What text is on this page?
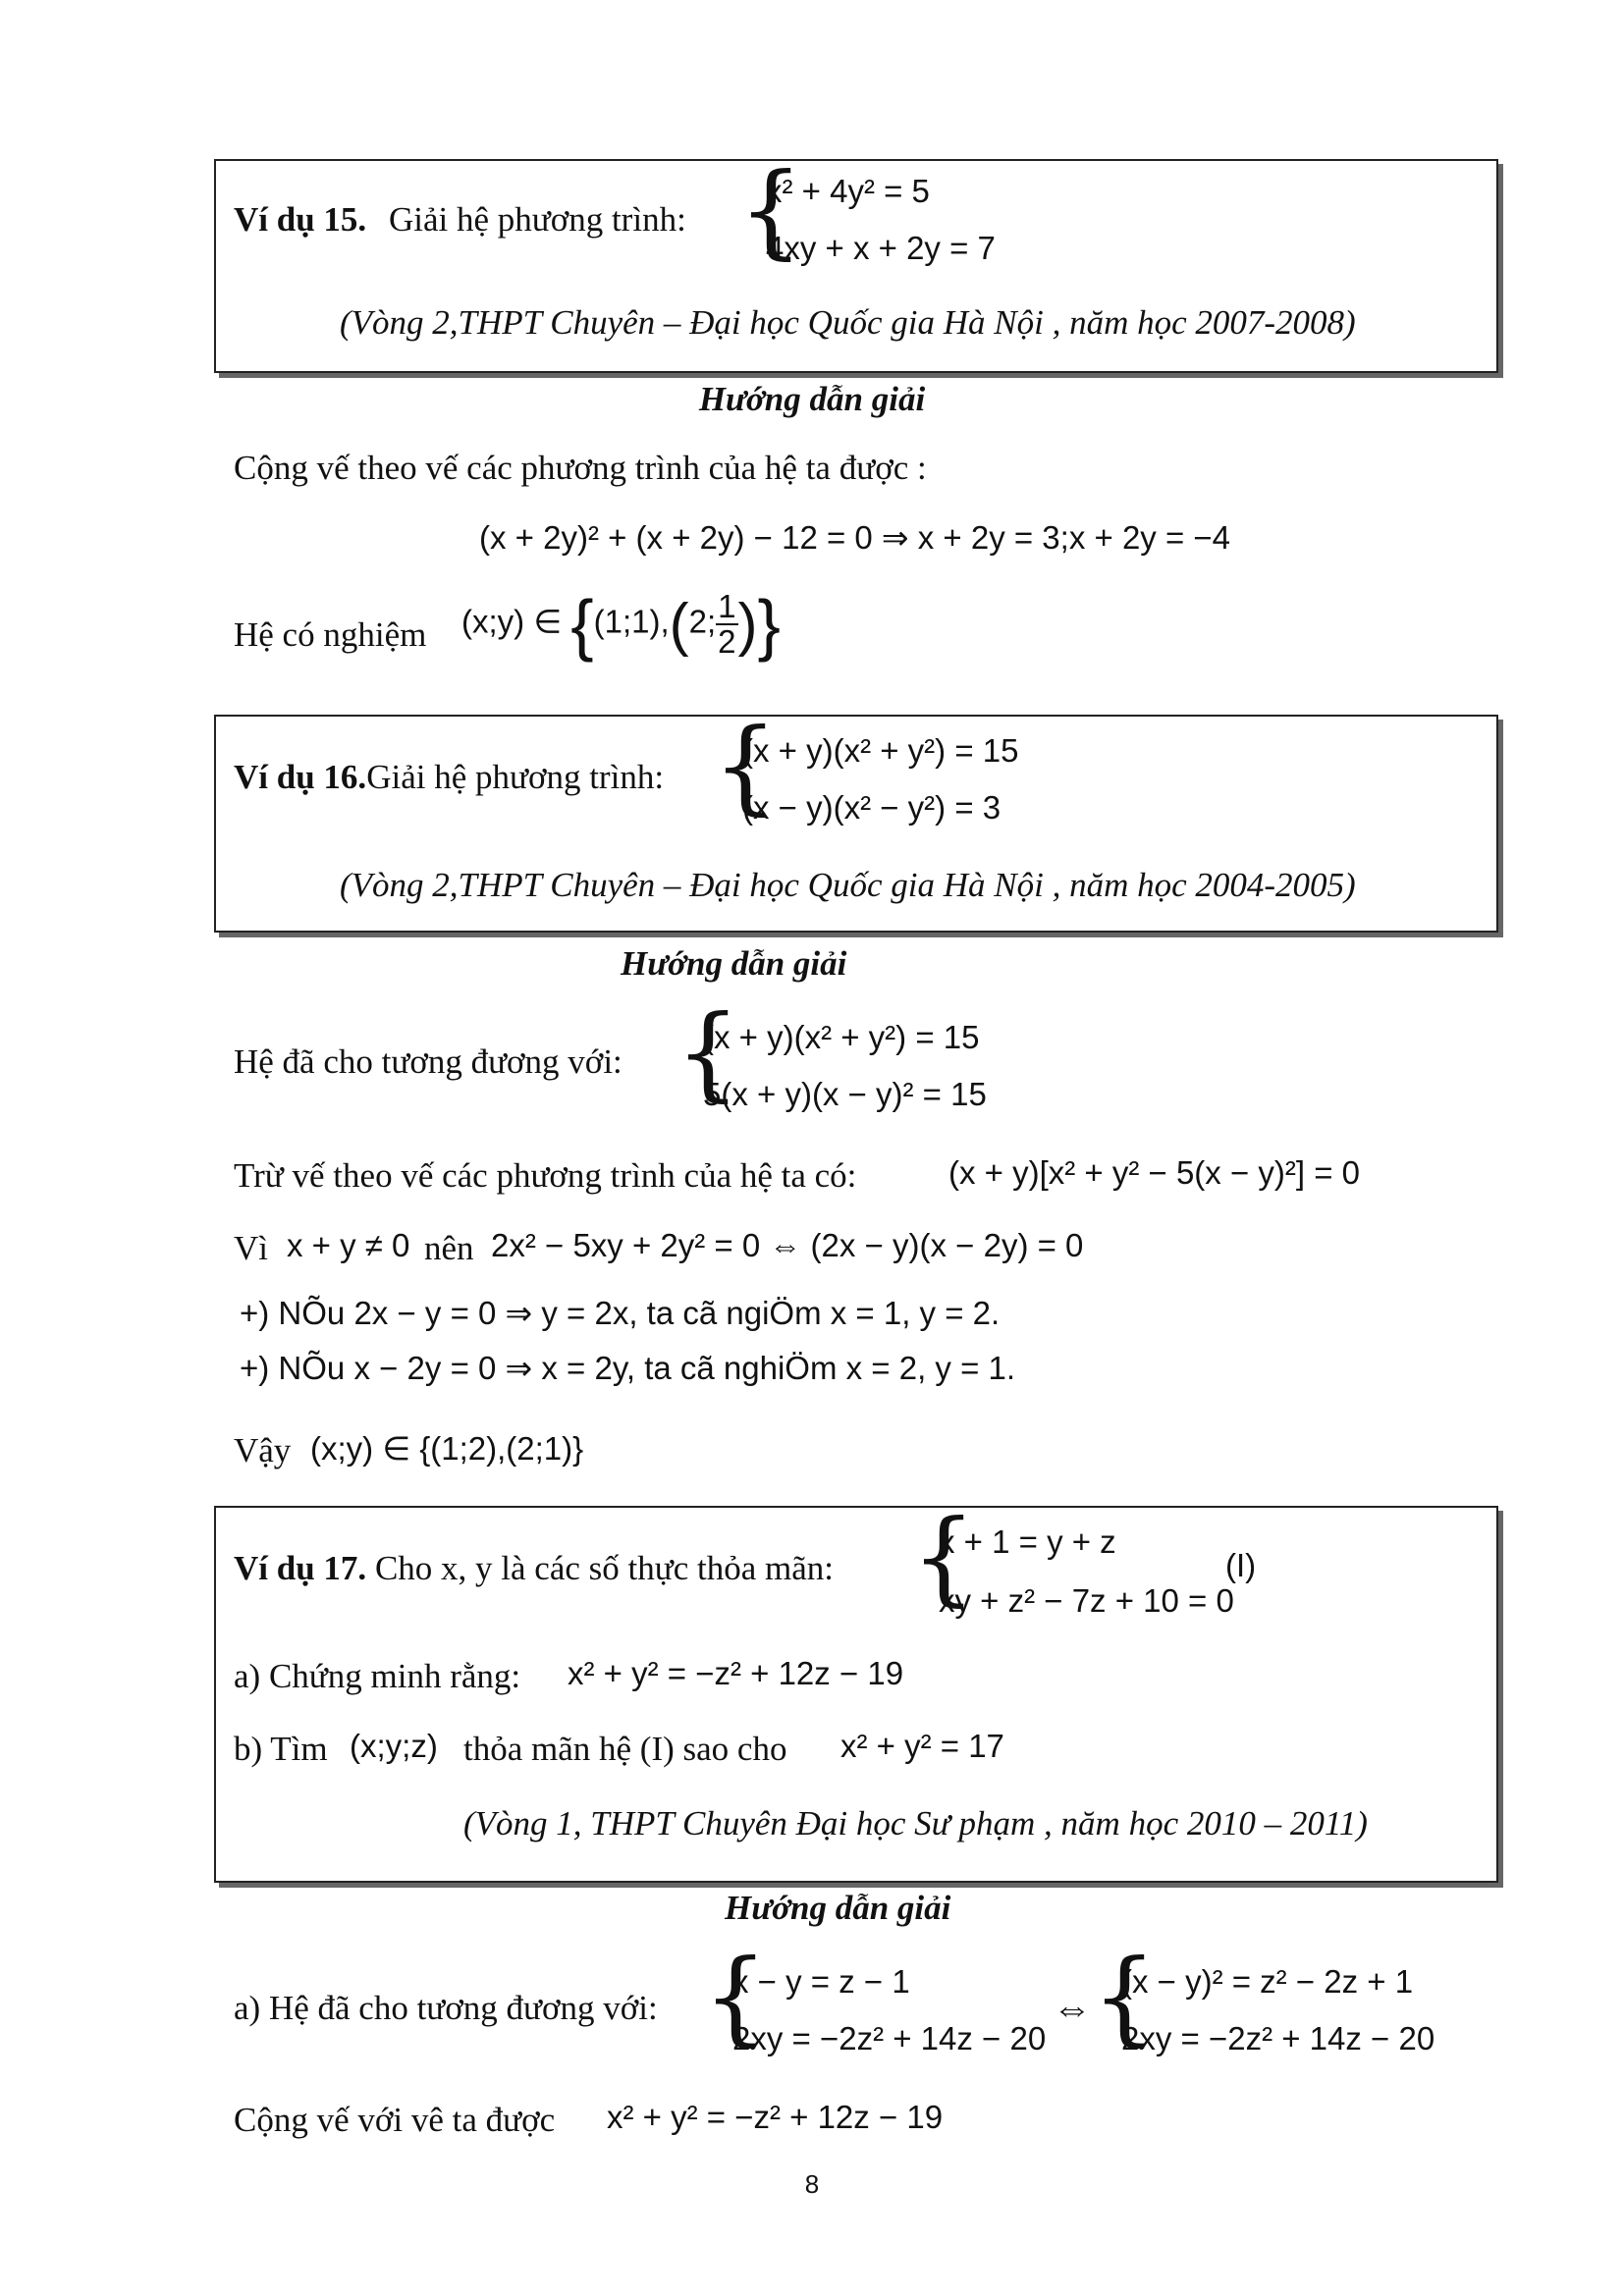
Ví dụ 15. Giải hệ phương trình: {
x² + 4y² = 5
4xy + x + 2y = 7
(Vòng 2,THPT Chuyên – Đại học Quốc gia Hà Nội , năm học 2007-2008)
Hướng dẫn giải
Cộng vế theo vế các phương trình của hệ ta được :
(x + 2y)² + (x + 2y) − 12 = 0 ⇒ x + 2y = 3;x + 2y = −4
Hệ có nghiệm (x;y) ∈ {(1;1),(2; $\frac{1}{2}$ )}
Ví dụ 16.Giải hệ phương trình: {
(x + y)(x² + y²) = 15
(x − y)(x² − y²) = 3
(Vòng 2,THPT Chuyên – Đại học Quốc gia Hà Nội , năm học 2004-2005)
Hướng dẫn giải
Hệ đã cho tương đương với: {
(x + y)(x² + y²) = 15
5(x + y)(x − y)² = 15
Trừ vế theo vế các phương trình của hệ ta có:	(x + y)[x² + y² − 5(x − y)²] = 0
Vì x + y ≠ 0 nên 2x² − 5xy + 2y² = 0 ⇔ (2x − y)(x − 2y) = 0
+) NÕu 2x − y = 0 ⇒ y = 2x, ta cã ngiÖm x = 1, y = 2.
+) NÕu x − 2y = 0 ⇒ x = 2y, ta cã nghiÖm x = 2, y = 1.
Vậy (x;y) ∈ {(1;2),(2;1)}
Ví dụ 17. Cho x, y là các số thực thỏa mãn: {
x + 1 = y + z
xy + z² − 7z + 10 = 0
(I)
a) Chứng minh rằng: x² + y² = −z² + 12z − 19
b) Tìm (x;y;z) thỏa mãn hệ (I) sao cho x² + y² = 17
(Vòng 1, THPT Chuyên Đại học Sư phạm , năm học 2010 – 2011)
Hướng dẫn giải
a) Hệ đã cho tương đương với: {
x − y = z − 1
2xy = −2z² + 14z − 20
⇔ {
(x − y)² = z² − 2z + 1
2xy = −2z² + 14z − 20
Cộng vế với vê ta được x² + y² = −z² + 12z − 19
8
